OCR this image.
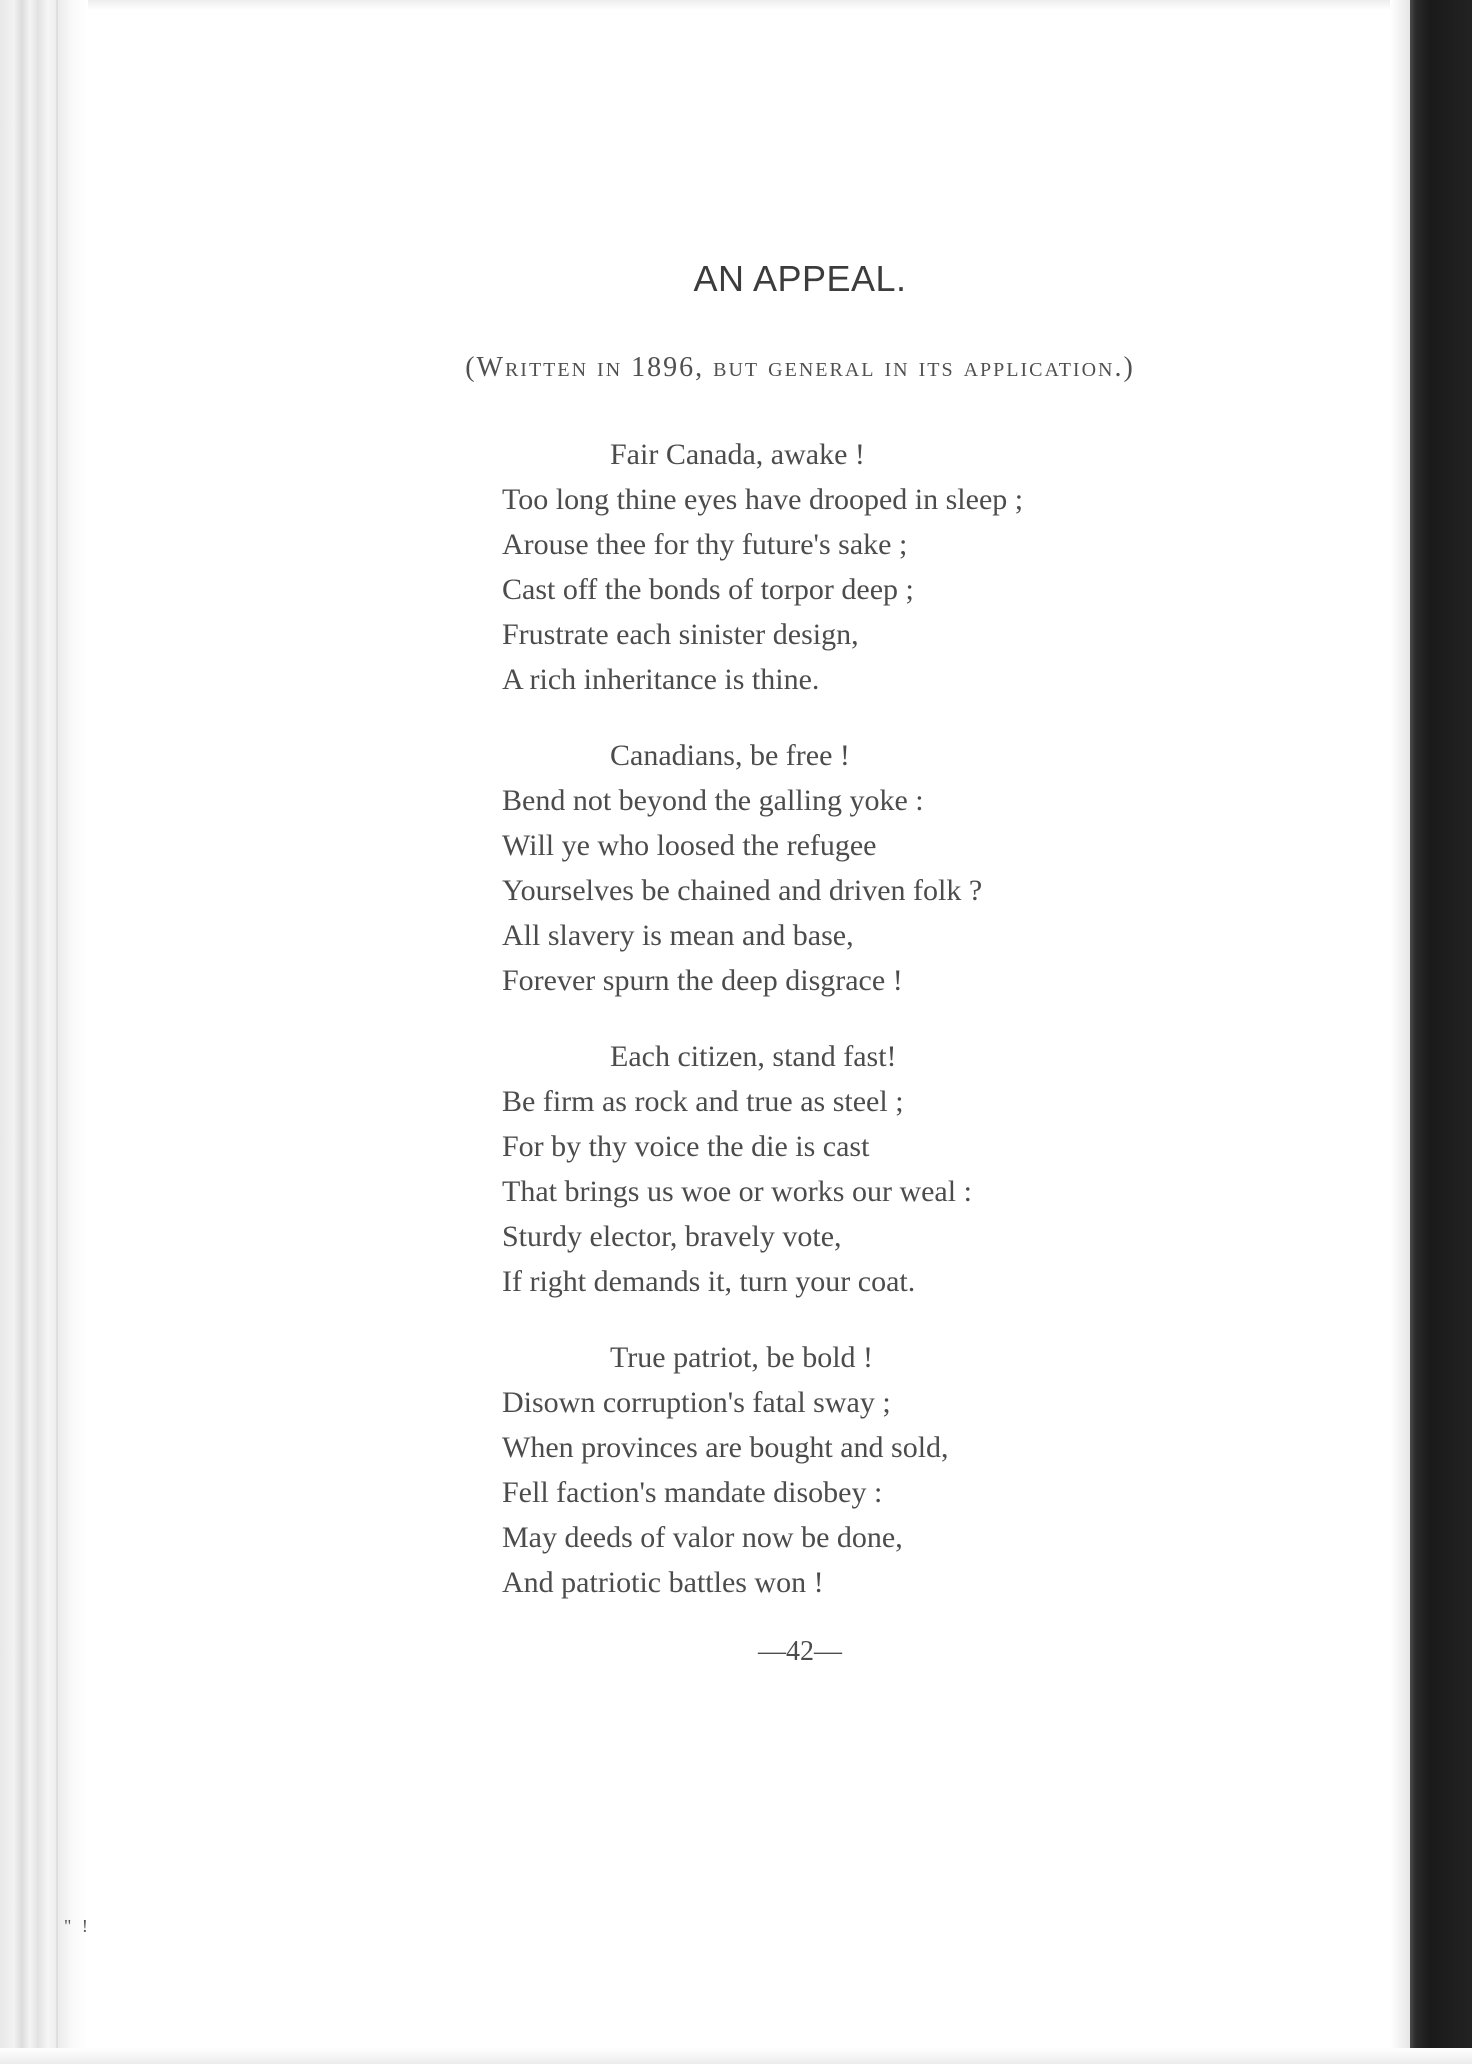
" !
AN APPEAL.
(Written in 1896, but general in its application.)
Fair Canada, awake !
Too long thine eyes have drooped in sleep ;
Arouse thee for thy future's sake ;
Cast off the bonds of torpor deep ;
Frustrate each sinister design,
A rich inheritance is thine.
Canadians, be free !
Bend not beyond the galling yoke :
Will ye who loosed the refugee
Yourselves be chained and driven folk ?
All slavery is mean and base,
Forever spurn the deep disgrace !
Each citizen, stand fast!
Be firm as rock and true as steel ;
For by thy voice the die is cast
That brings us woe or works our weal :
Sturdy elector, bravely vote,
If right demands it, turn your coat.
True patriot, be bold !
Disown corruption's fatal sway ;
When provinces are bought and sold,
Fell faction's mandate disobey :
May deeds of valor now be done,
And patriotic battles won !
—42—
